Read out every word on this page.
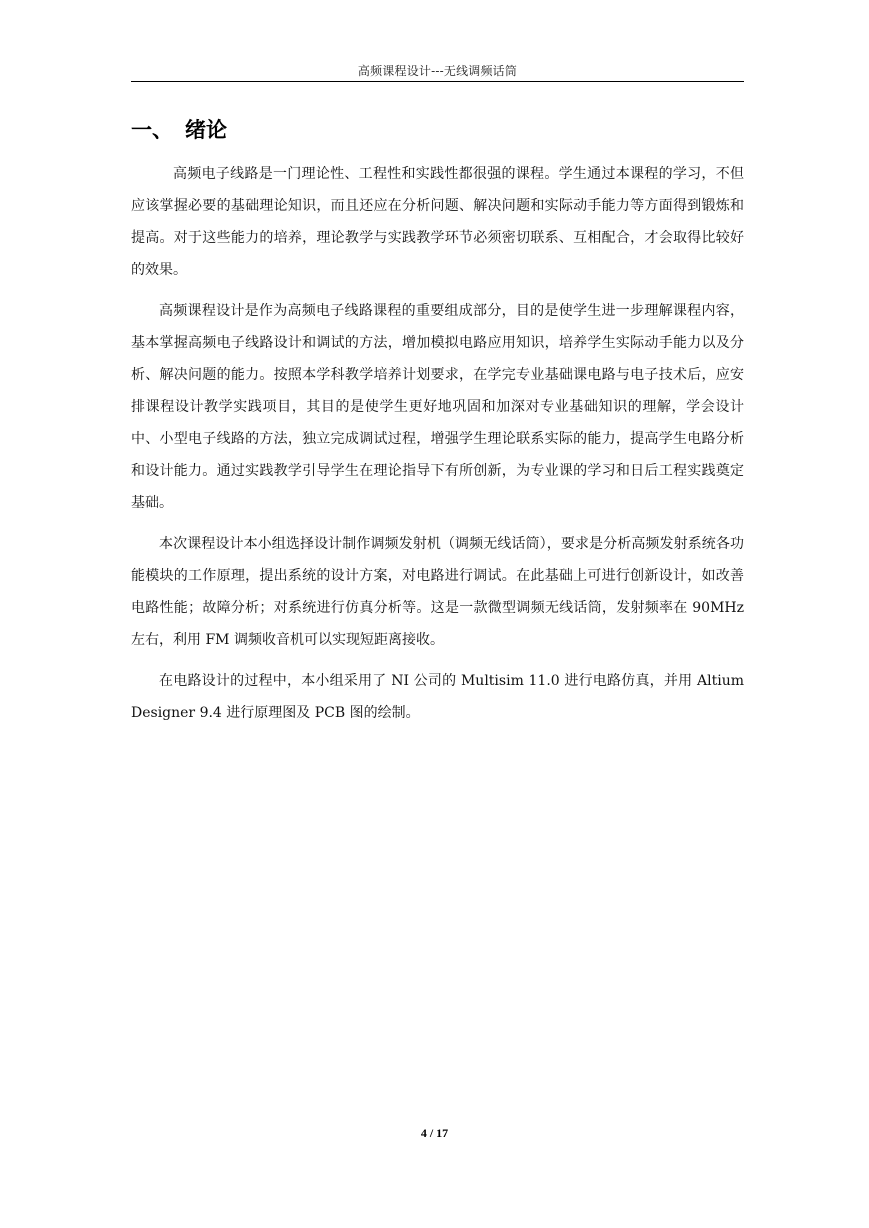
高频课程设计---无线调频话筒
一、 绪论

高频电子线路是一门理论性、工程性和实践性都很强的课程。学生通过本课程的学习，不但应该掌握必要的基础理论知识，而且还应在分析问题、解决问题和实际动手能力等方面得到锻炼和提高。对于这些能力的培养，理论教学与实践教学环节必须密切联系、互相配合，才会取得比较好的效果。

高频课程设计是作为高频电子线路课程的重要组成部分，目的是使学生进一步理解课程内容，基本掌握高频电子线路设计和调试的方法，增加模拟电路应用知识，培养学生实际动手能力以及分析、解决问题的能力。按照本学科教学培养计划要求，在学完专业基础课电路与电子技术后，应安排课程设计教学实践项目，其目的是使学生更好地巩固和加深对专业基础知识的理解，学会设计中、小型电子线路的方法，独立完成调试过程，增强学生理论联系实际的能力，提高学生电路分析和设计能力。通过实践教学引导学生在理论指导下有所创新，为专业课的学习和日后工程实践奠定基础。

本次课程设计本小组选择设计制作调频发射机（调频无线话筒），要求是分析高频发射系统各功能模块的工作原理，提出系统的设计方案，对电路进行调试。在此基础上可进行创新设计，如改善电路性能；故障分析；对系统进行仿真分析等。这是一款微型调频无线话筒，发射频率在 90MHz 左右，利用 FM 调频收音机可以实现短距离接收。

在电路设计的过程中，本小组采用了 NI 公司的 Multisim 11.0 进行电路仿真，并用 Altium Designer 9.4 进行原理图及 PCB 图的绘制。

4 / 17
